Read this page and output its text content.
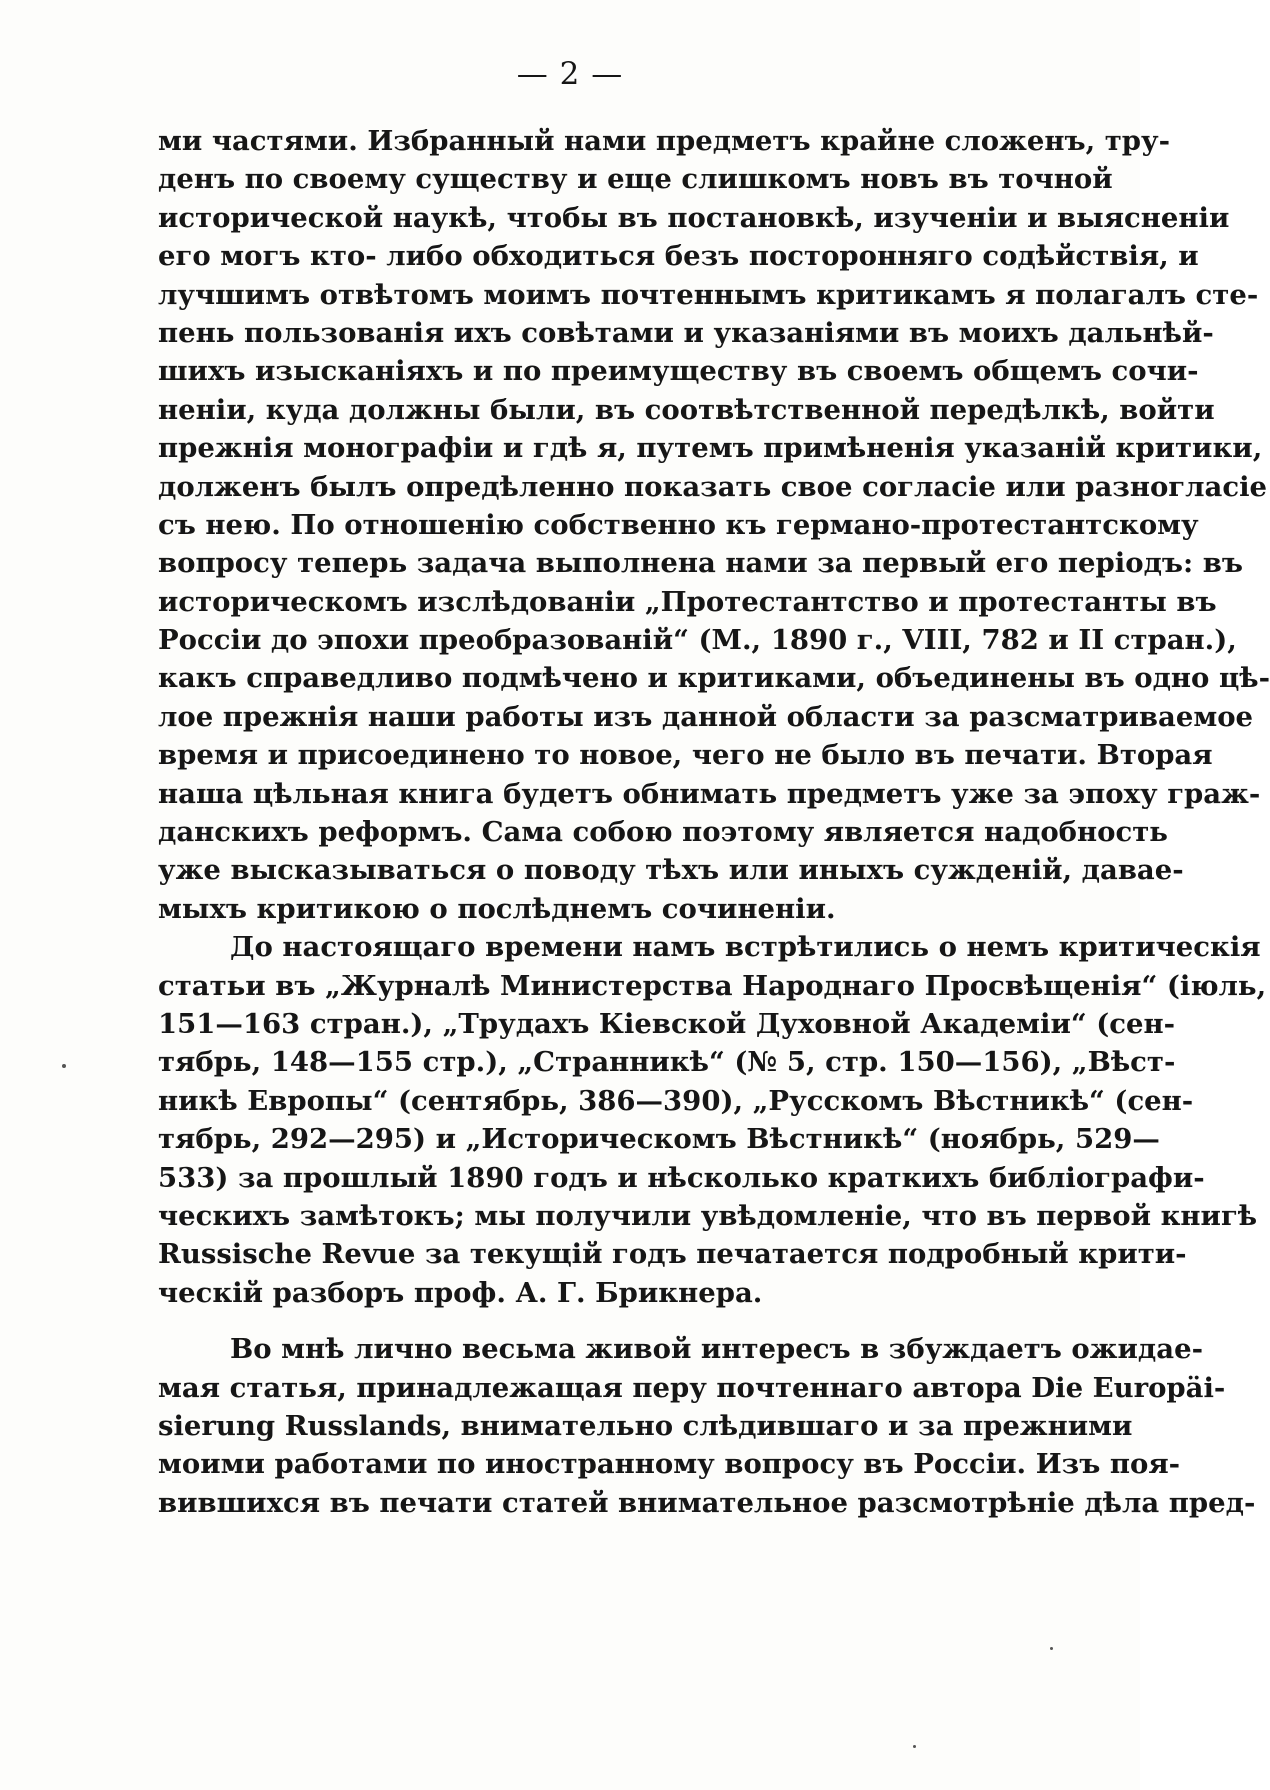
— 2 —
ми частями. Избранный нами предметъ крайне сложенъ, тру-
денъ по своему существу и еще слишкомъ новъ въ точной
исторической наукѣ, чтобы въ постановкѣ, изученіи и выясненіи
его могъ кто- либо обходиться безъ посторонняго содѣйствія, и
лучшимъ отвѣтомъ моимъ почтеннымъ критикамъ я полагалъ сте-
пень пользованія ихъ совѣтами и указаніями въ моихъ дальнѣй-
шихъ изысканіяхъ и по преимуществу въ своемъ общемъ сочи-
неніи, куда должны были, въ соотвѣтственной передѣлкѣ, войти
прежнія монографіи и гдѣ я, путемъ примѣненія указаній критики,
долженъ былъ опредѣленно показать свое согласіе или разногласіе
съ нею. По отношенію собственно къ германо-протестантскому
вопросу теперь задача выполнена нами за первый его періодъ: въ
историческомъ изслѣдованіи „Протестантство и протестанты въ
Россіи до эпохи преобразованій“ (М., 1890 г., VIII, 782 и II стран.),
какъ справедливо подмѣчено и критиками, объединены въ одно цѣ-
лое прежнія наши работы изъ данной области за разсматриваемое
время и присоединено то новое, чего не было въ печати. Вторая
наша цѣльная книга будетъ обнимать предметъ уже за эпоху граж-
данскихъ реформъ. Сама собою поэтому является надобность
уже высказываться о поводу тѣхъ или иныхъ сужденій, даваe-
мыхъ критикою о послѣднемъ сочиненіи.
До настоящаго времени намъ встрѣтились о немъ критическія
статьи въ „Журналѣ Министерства Народнаго Просвѣщенія“ (іюль,
151—163 стран.), „Трудахъ Кіевской Духовной Академіи“ (сен-
тябрь, 148—155 стр.), „Странникѣ“ (№ 5, стр. 150—156), „Вѣст-
никѣ Европы“ (сентябрь, 386—390), „Русскомъ Вѣстникѣ“ (сен-
тябрь, 292—295) и „Историческомъ Вѣстникѣ“ (ноябрь, 529—
533) за прошлый 1890 годъ и нѣсколько краткихъ библіографи-
ческихъ замѣтокъ; мы получили увѣдомленіе, что въ первой книгѣ
Russische Revue за текущій годъ печатается подробный крити-
ческій разборъ проф. А. Г. Брикнера.
Во мнѣ лично весьма живой интересъ в збуждаетъ ожидае-
мая статья, принадлежащая перу почтеннаго автора Die Europäi-
sierung Russlands, внимательно слѣдившаго и за прежними
моими работами по иностранному вопросу въ Россіи. Изъ поя-
вившихся въ печати статей внимательное разсмотрѣніе дѣла пред-
